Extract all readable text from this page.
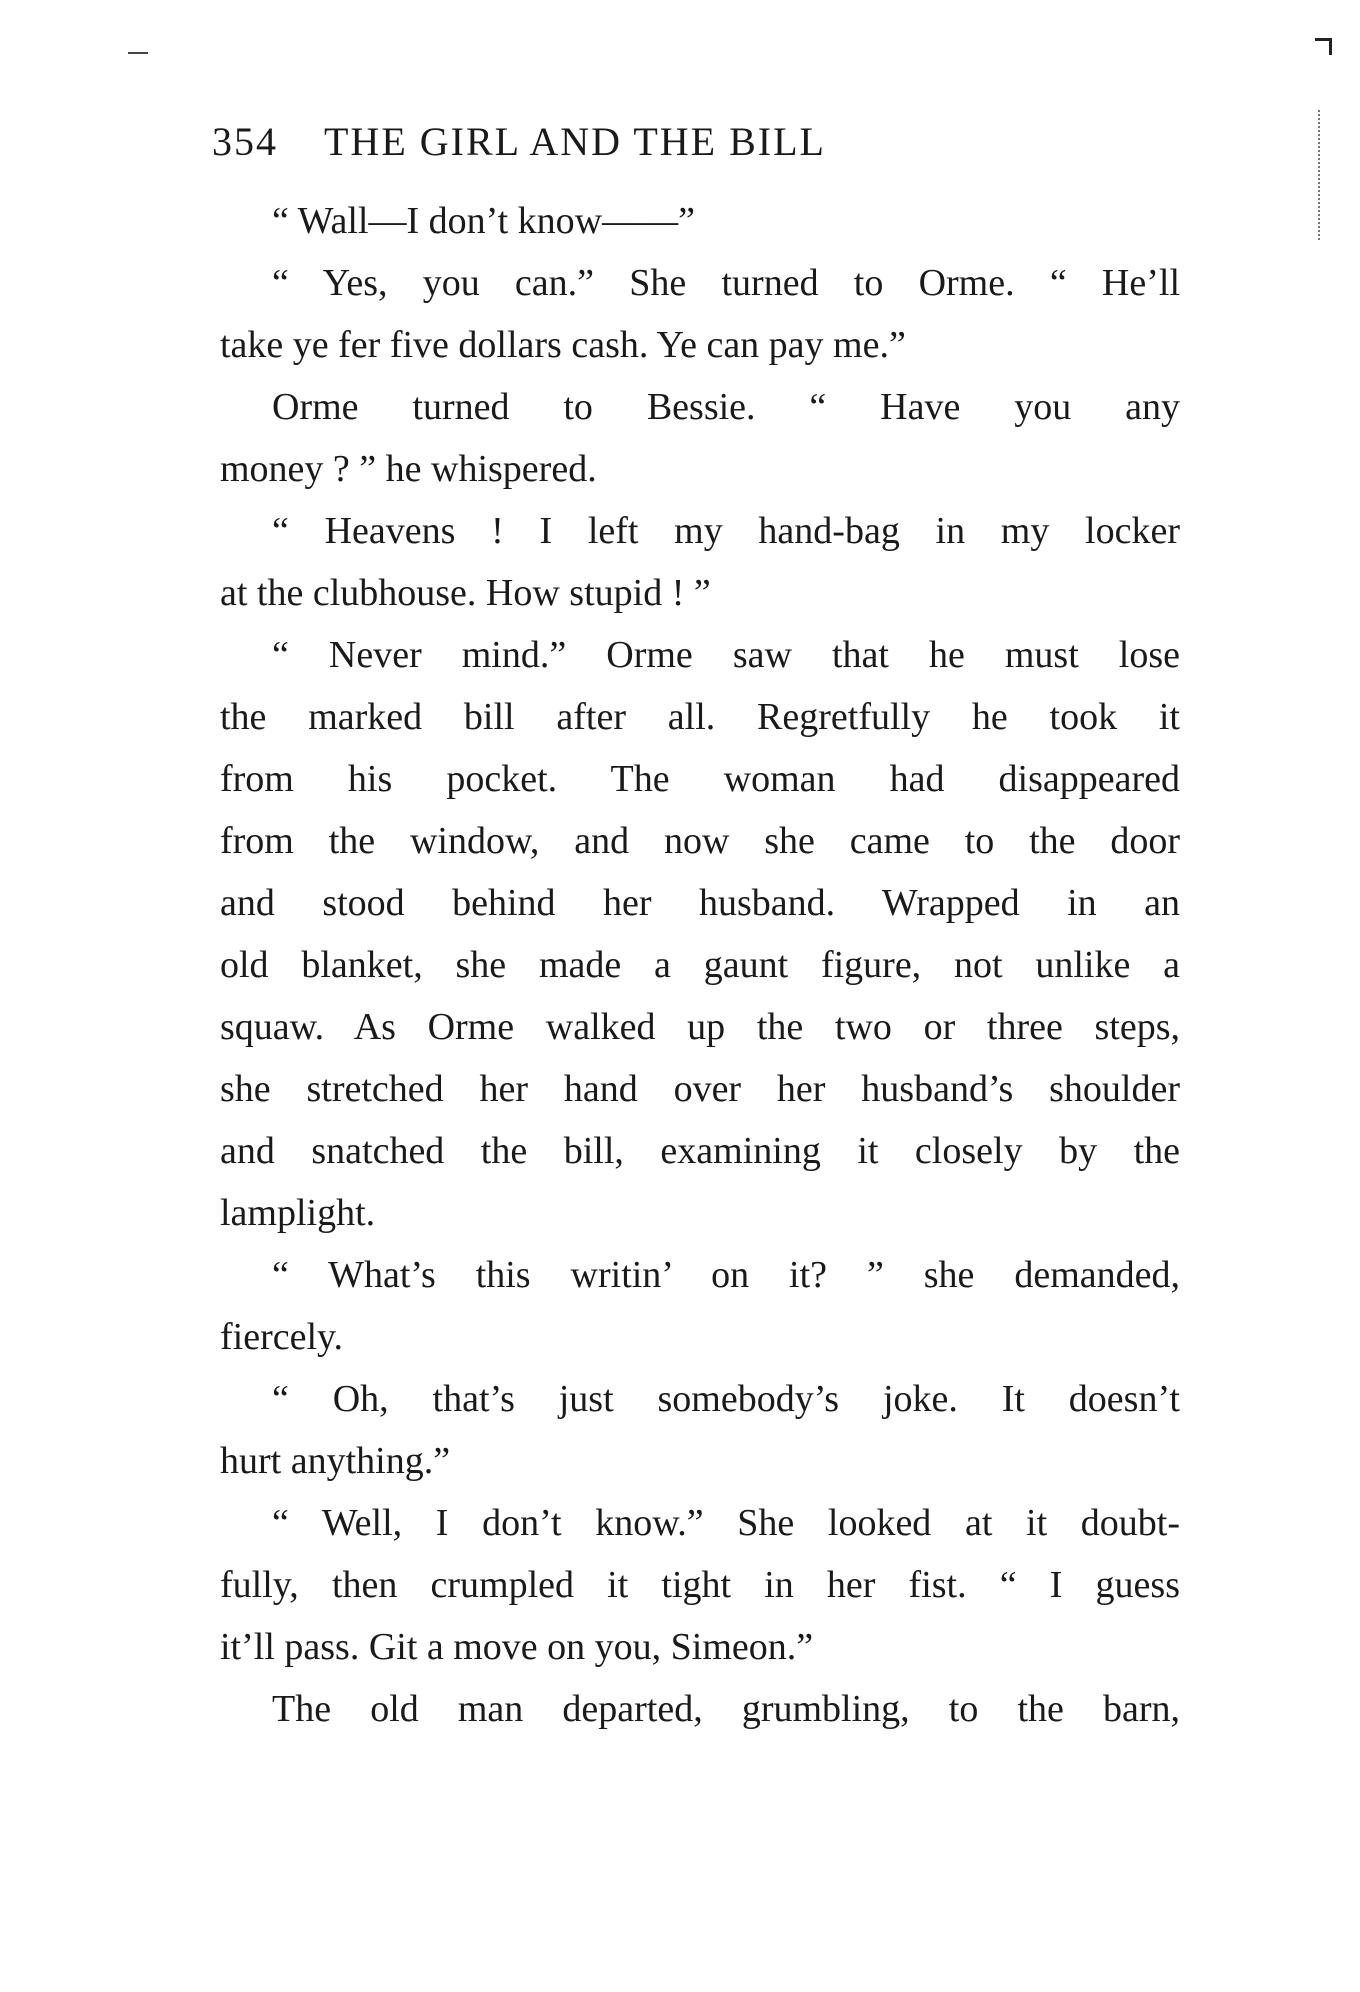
354 THE GIRL AND THE BILL
“ Wall—I don’t know——”
“ Yes, you can.” She turned to Orme. “ He’ll
take ye fer five dollars cash. Ye can pay me.”
Orme turned to Bessie. “ Have you any
money ? ” he whispered.
“ Heavens ! I left my hand-bag in my locker
at the clubhouse. How stupid ! ”
“ Never mind.” Orme saw that he must lose
the marked bill after all. Regretfully he took it
from his pocket. The woman had disappeared
from the window, and now she came to the door
and stood behind her husband. Wrapped in an
old blanket, she made a gaunt figure, not unlike a
squaw. As Orme walked up the two or three steps,
she stretched her hand over her husband’s shoulder
and snatched the bill, examining it closely by the
lamplight.
“ What’s this writin’ on it? ” she demanded,
fiercely.
“ Oh, that’s just somebody’s joke. It doesn’t
hurt anything.”
“ Well, I don’t know.” She looked at it doubt-
fully, then crumpled it tight in her fist. “ I guess
it’ll pass. Git a move on you, Simeon.”
The old man departed, grumbling, to the barn,
